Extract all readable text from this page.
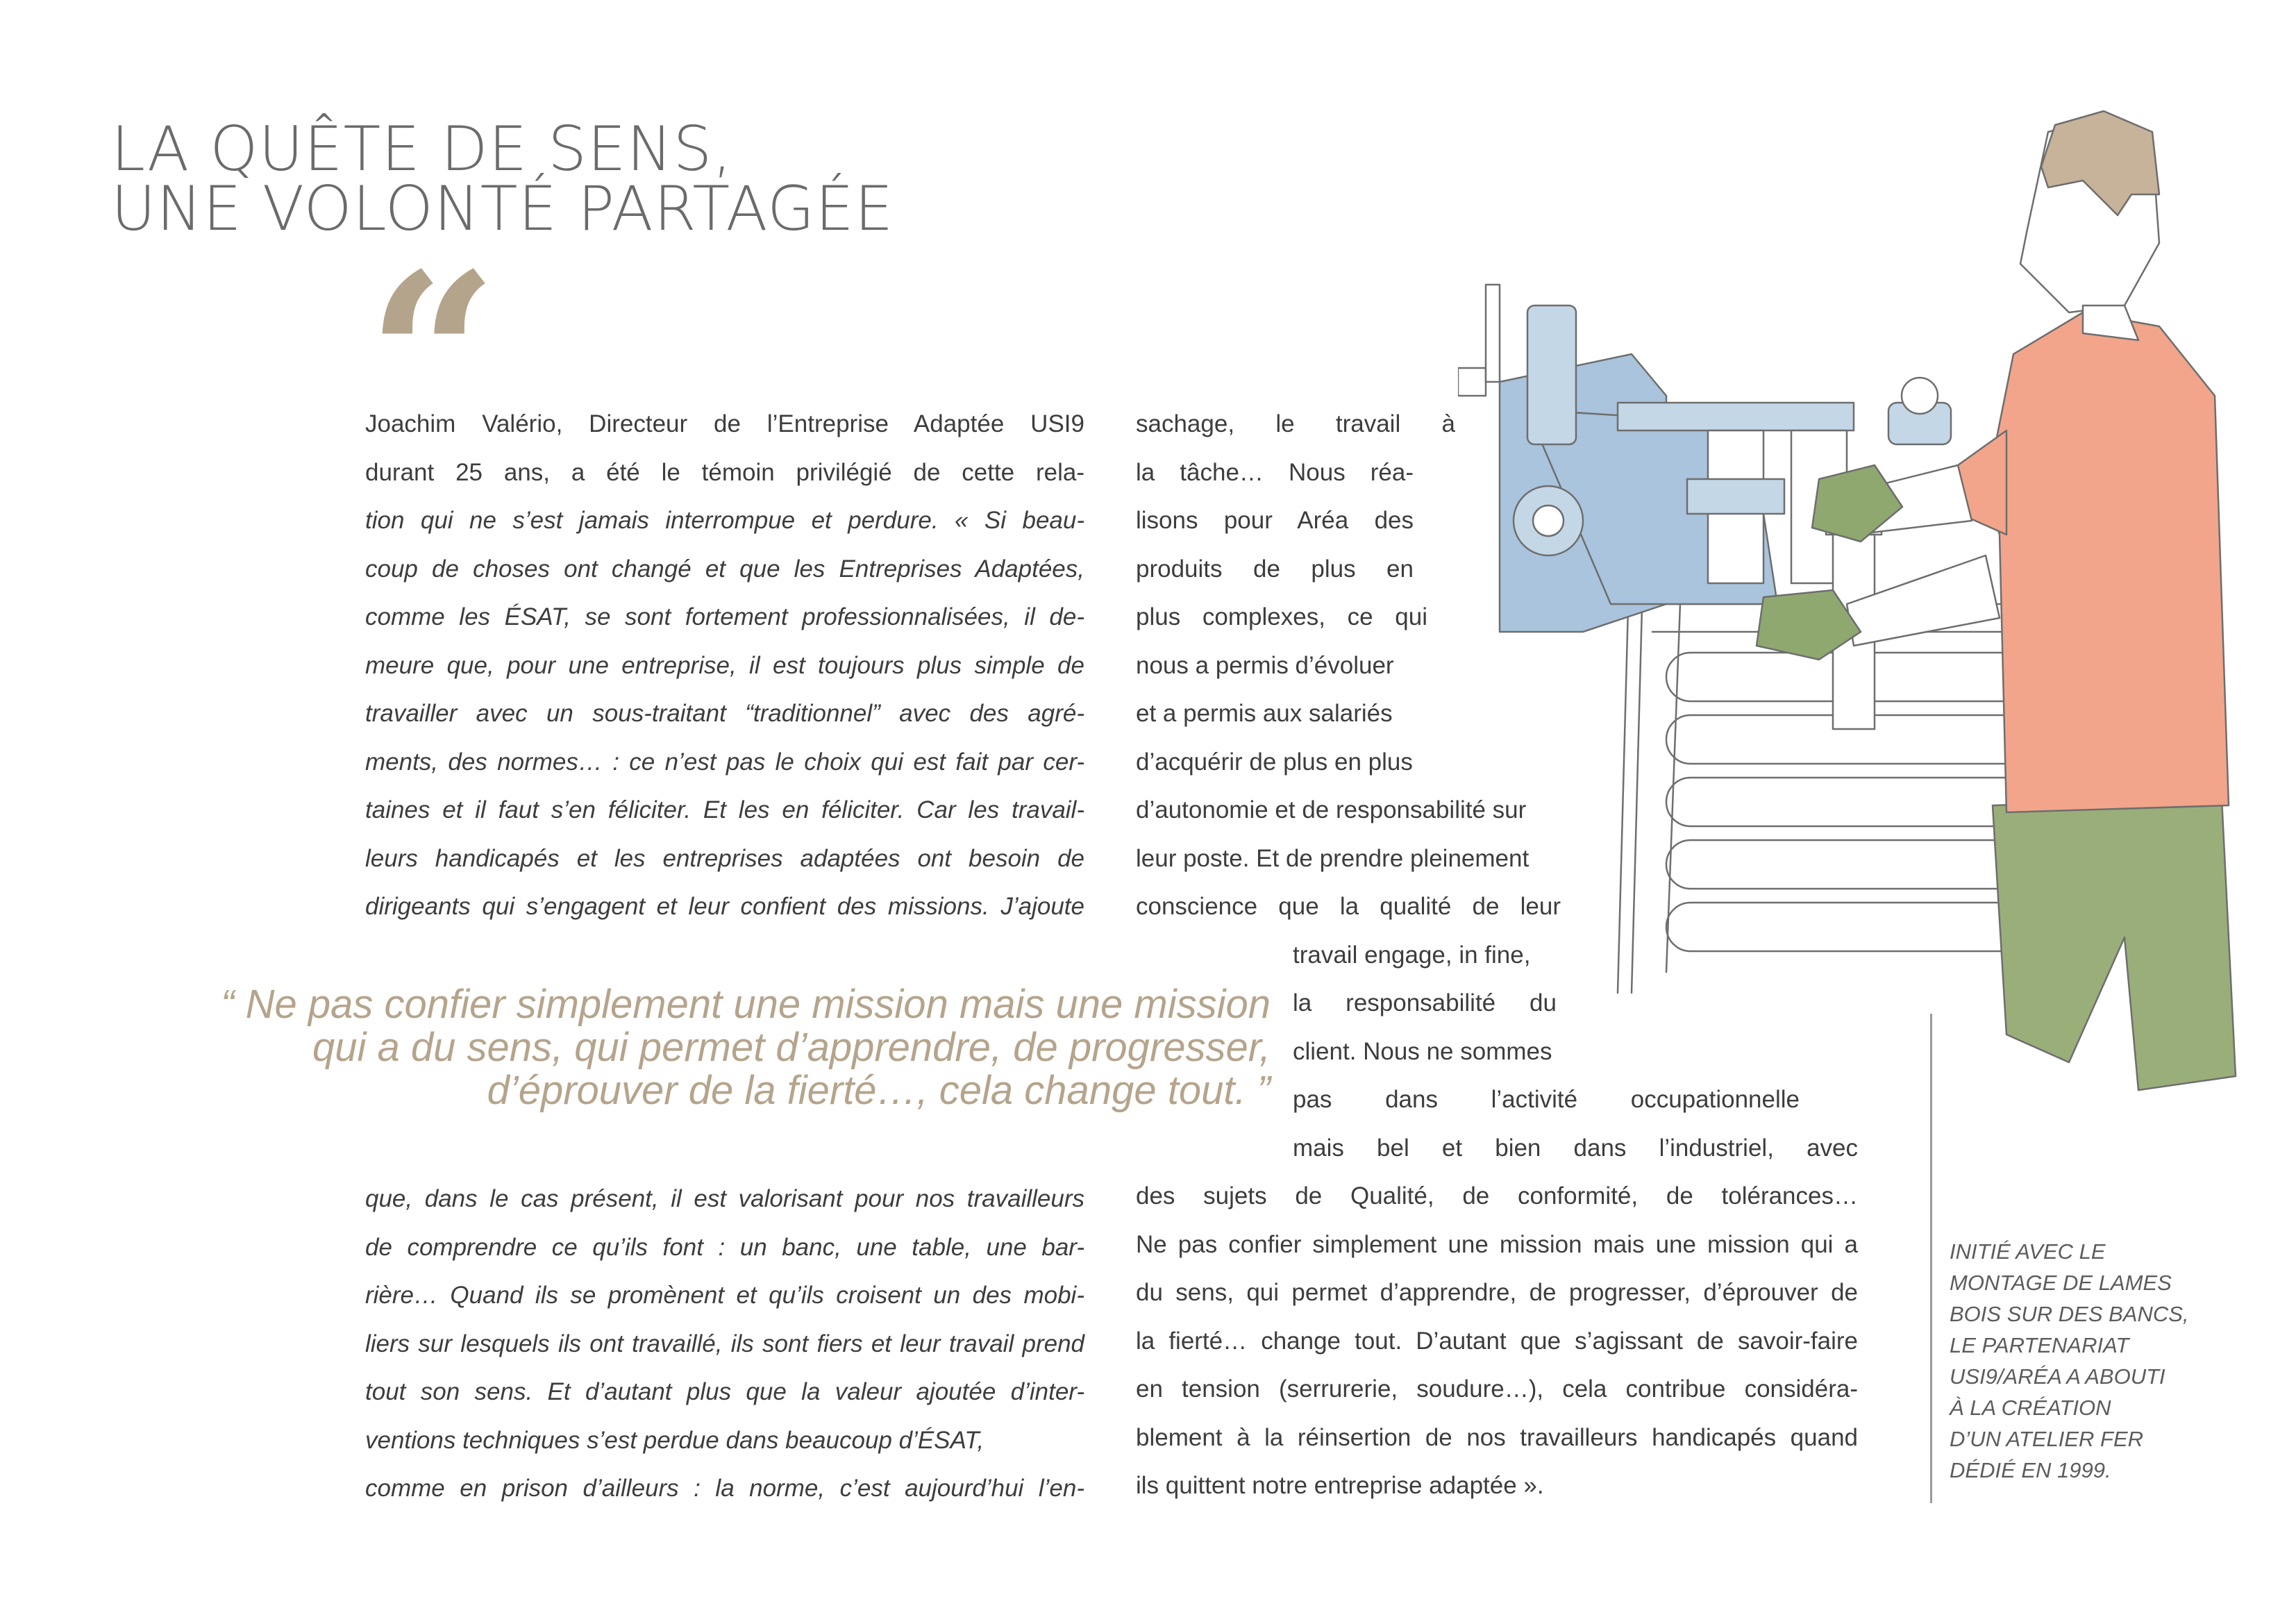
LA QUÊTE DE SENS,
UNE VOLONTÉ PARTAGÉE
“

Joachim Valério, Directeur de l’Entreprise Adaptée USI9
durant 25 ans, a été le témoin privilégié de cette rela-
tion qui ne s’est jamais interrompue et perdure. « Si beau-
coup de choses ont changé et que les Entreprises Adaptées,
comme les ÉSAT, se sont fortement professionnalisées, il de-
meure que, pour une entreprise, il est toujours plus simple de
travailler avec un sous-traitant “traditionnel” avec des agré-
ments, des normes… : ce n’est pas le choix qui est fait par cer-
taines et il faut s’en féliciter. Et les en féliciter. Car les travail-
leurs handicapés et les entreprises adaptées ont besoin de
dirigeants qui s’engagent et leur confient des missions. J’ajoute

“ Ne pas confier simplement une mission mais une mission
qui a du sens, qui permet d’apprendre, de progresser,
d’éprouver de la fierté…, cela change tout. ”

que, dans le cas présent, il est valorisant pour nos travailleurs
de comprendre ce qu’ils font : un banc, une table, une bar-
rière… Quand ils se promènent et qu’ils croisent un des mobi-
liers sur lesquels ils ont travaillé, ils sont fiers et leur travail prend
tout son sens. Et d’autant plus que la valeur ajoutée d’inter-
ventions techniques s’est perdue dans beaucoup d’ÉSAT,
comme en prison d’ailleurs : la norme, c’est aujourd’hui l’en-

sachage, le travail à
la tâche… Nous réa-
lisons pour Aréa des
produits de plus en
plus complexes, ce qui
nous a permis d’évoluer
et a permis aux salariés
d’acquérir de plus en plus
d’autonomie et de responsabilité sur
leur poste. Et de prendre pleinement
conscience que la qualité de leur
travail engage, in fine,
la responsabilité du
client. Nous ne sommes
pas dans l’activité occupationnelle
mais bel et bien dans l’industriel, avec
des sujets de Qualité, de conformité, de tolérances…
Ne pas confier simplement une mission mais une mission qui a
du sens, qui permet d’apprendre, de progresser, d’éprouver de
la fierté… change tout. D’autant que s’agissant de savoir-faire
en tension (serrurerie, soudure…), cela contribue considéra-
blement à la réinsertion de nos travailleurs handicapés quand
ils quittent notre entreprise adaptée ».
INITIÉ AVEC LE
MONTAGE DE LAMES
BOIS SUR DES BANCS,
LE PARTENARIAT
USI9/ARÉA A ABOUTI
À LA CRÉATION
D’UN ATELIER FER
DÉDIÉ EN 1999.
